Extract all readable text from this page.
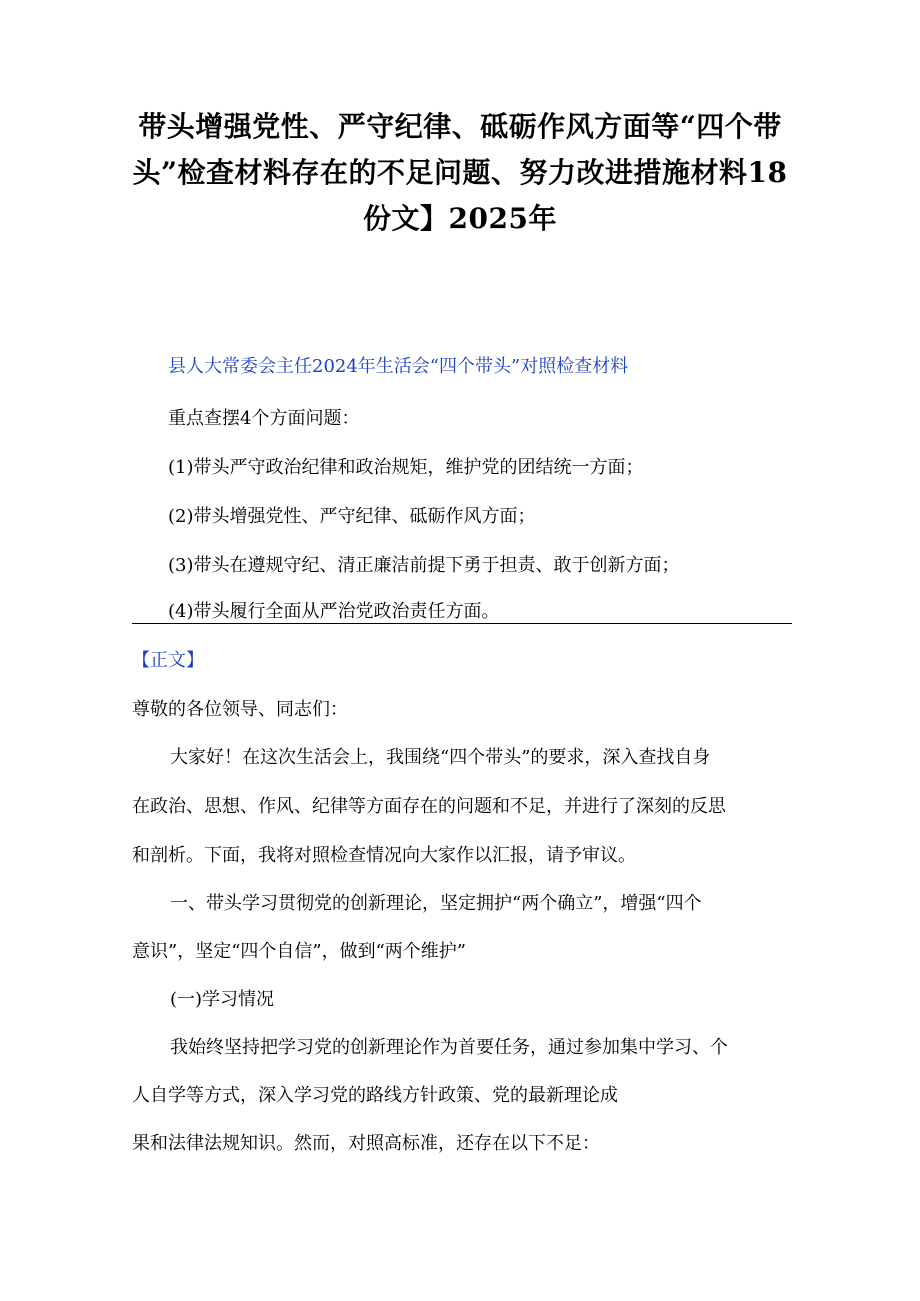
带头增强党性、严守纪律、砥砺作风方面等“四个带
头”检查材料存在的不足问题、努力改进措施材料18
份文】2025年

县人大常委会主任2024年生活会“四个带头”对照检查材料

重点查摆4个方面问题：

(1)带头严守政治纪律和政治规矩，维护党的团结统一方面；

(2)带头增强党性、严守纪律、砥砺作风方面；

(3)带头在遵规守纪、清正廉洁前提下勇于担责、敢于创新方面；

(4)带头履行全面从严治党政治责任方面。

【正文】

尊敬的各位领导、同志们：

大家好！在这次生活会上，我围绕“四个带头”的要求，深入查找自身

在政治、思想、作风、纪律等方面存在的问题和不足，并进行了深刻的反思

和剖析。下面，我将对照检查情况向大家作以汇报，请予审议。

一、带头学习贯彻党的创新理论，坚定拥护“两个确立”，增强“四个

意识”，坚定“四个自信”，做到“两个维护”

(一)学习情况

我始终坚持把学习党的创新理论作为首要任务，通过参加集中学习、个

人自学等方式，深入学习党的路线方针政策、党的最新理论成

果和法律法规知识。然而，对照高标准，还存在以下不足：
